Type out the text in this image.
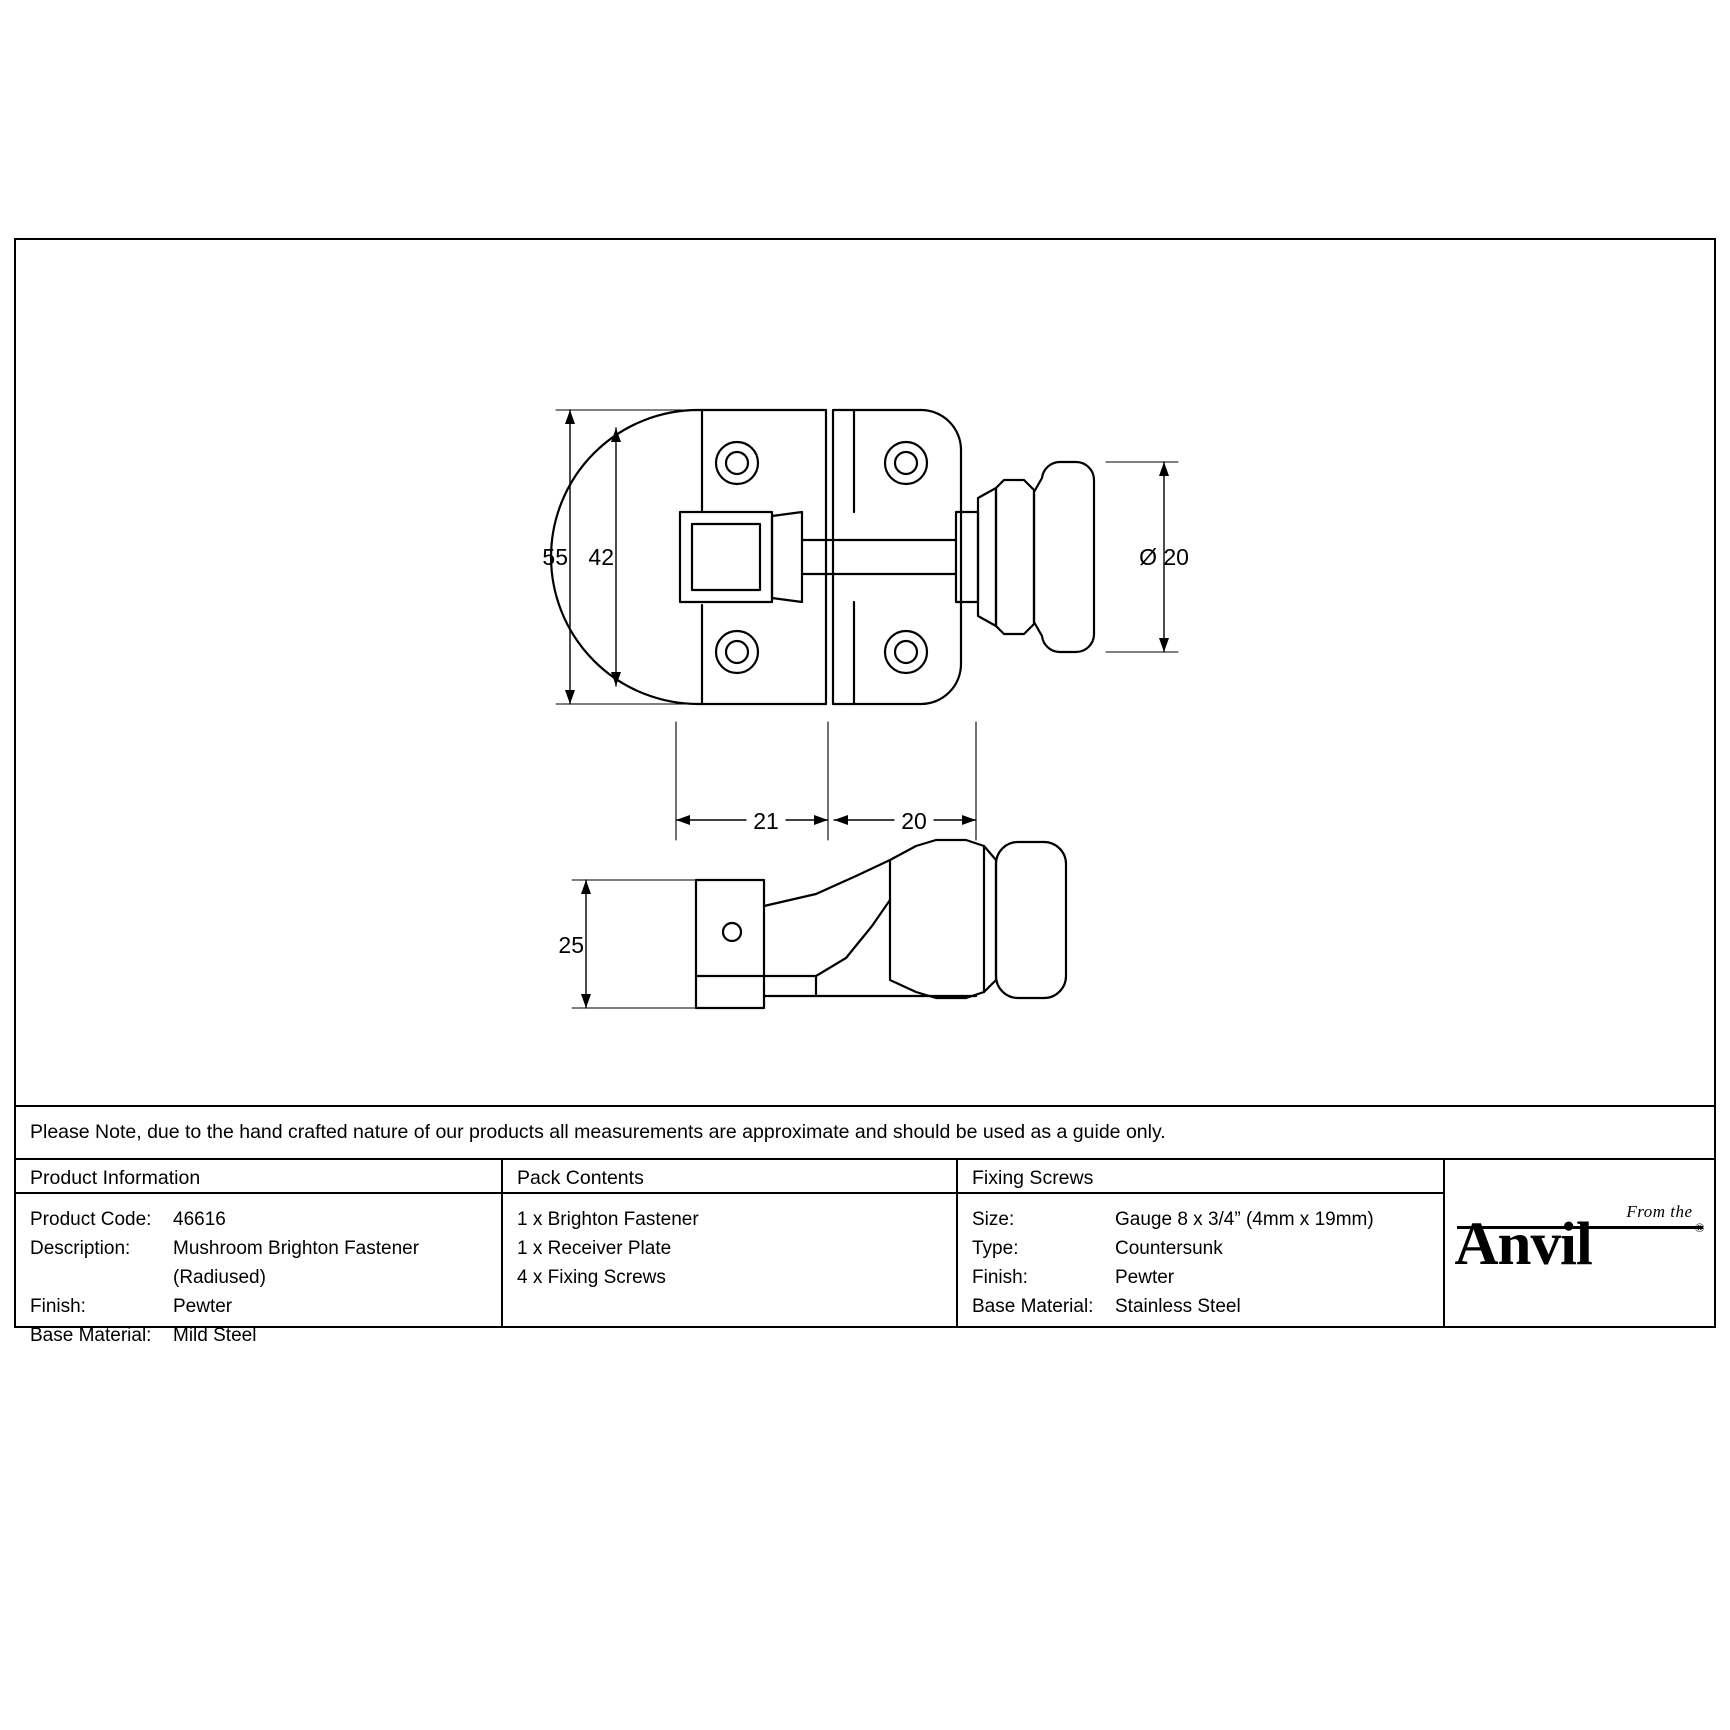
55 42	Ø 20
21	20
25
Please Note, due to the hand crafted nature of our products all measurements are approximate and should be used as a guide only.
Product Information
Product Code:	46616
Description:	Mushroom Brighton Fastener
(Radiused)
Finish:	Pewter
Base Material:	Mild Steel
Pack Contents
1 x Brighton Fastener
1 x Receiver Plate
4 x Fixing Screws
Fixing Screws
Size:	Gauge 8 x 3/4” (4mm x 19mm)
Type:	Countersunk
Finish:	Pewter
Base Material:	Stainless Steel
From the
Anvil	®
